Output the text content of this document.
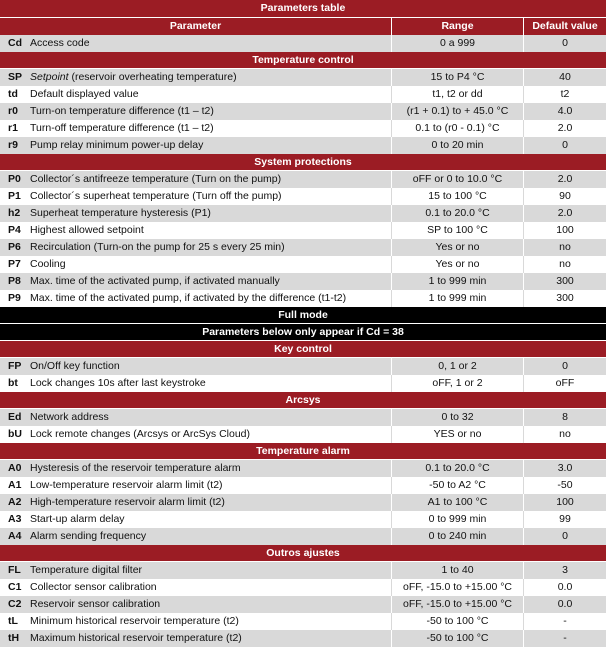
Parameters table
Parameter	Range	Default value
Cd Access code	0 a 999	0
Temperature control
SP Setpoint (reservoir overheating temperature)	15 to P4 °C	40
td	Default displayed value	t1, t2 or dd	t2
r0	Turn-on temperature difference (t1 – t2)	(r1 + 0.1) to + 45.0 °C	4.0
r1	Turn-off temperature difference (t1 – t2)	0.1 to (r0 - 0.1) °C	2.0
r9	Pump relay minimum power-up delay	0 to 20 min	0
System protections
P0 Collector´s antifreeze temperature (Turn on the pump)	oFF or 0 to 10.0 °C	2.0
P1 Collector´s superheat temperature (Turn off the pump)	15 to 100 °C	90
h2 Superheat temperature hysteresis (P1)	0.1 to 20.0 °C	2.0
P4 Highest allowed setpoint	SP to 100 °C	100
P6 Recirculation (Turn-on the pump for 25 s every 25 min)	Yes or no	no
P7 Cooling	Yes or no	no
P8 Max. time of the activated pump, if activated manually	1 to 999 min	300
P9 Max. time of the activated pump, if activated by the difference (t1-t2)	1 to 999 min	300
Full mode
Parameters below only appear if Cd = 38
Key control
FP On/Off key function	0, 1 or 2	0
bt	Lock changes 10s after last keystroke	oFF, 1 or 2	oFF
Arcsys
Ed Network address	0 to 32	8
bU Lock remote changes (Arcsys or ArcSys Cloud)	YES or no	no
Temperature alarm
A0 Hysteresis of the reservoir temperature alarm	0.1 to 20.0 °C	3.0
A1 Low-temperature reservoir alarm limit (t2)	-50 to A2 °C	-50
A2 High-temperature reservoir alarm limit (t2)	A1 to 100 °C	100
A3 Start-up alarm delay	0 to 999 min	99
A4 Alarm sending frequency	0 to 240 min	0
Outros ajustes
FL Temperature digital filter	1 to 40	3
C1 Collector sensor calibration	oFF, -15.0 to +15.00 °C	0.0
C2 Reservoir sensor calibration	oFF, -15.0 to +15.00 °C	0.0
tL	Minimum historical reservoir temperature (t2)	-50 to 100 °C	-
tH	Maximum historical reservoir temperature (t2)	-50 to 100 °C	-
